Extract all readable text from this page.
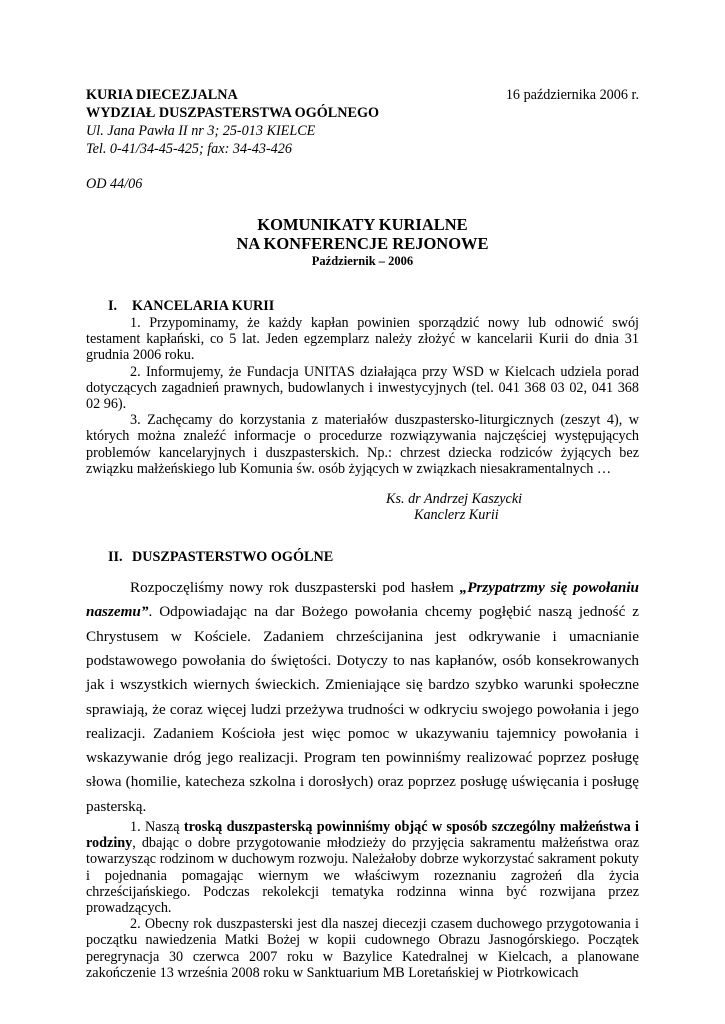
KURIA DIECEZJALNA
WYDZIAŁ DUSZPASTERSTWA OGÓLNEGO
Ul. Jana Pawła II nr 3; 25-013 KIELCE
Tel. 0-41/34-45-425; fax: 34-43-426
16 października 2006 r.
OD 44/06
KOMUNIKATY KURIALNE
NA KONFERENCJE REJONOWE
Październik – 2006
I. KANCELARIA KURII

1. Przypominamy, że każdy kapłan powinien sporządzić nowy lub odnowić swój testament kapłański, co 5 lat. Jeden egzemplarz należy złożyć w kancelarii Kurii do dnia 31 grudnia 2006 roku.

2. Informujemy, że Fundacja UNITAS działająca przy WSD w Kielcach udziela porad dotyczących zagadnień prawnych, budowlanych i inwestycyjnych (tel. 041 368 03 02, 041 368 02 96).

3. Zachęcamy do korzystania z materiałów duszpastersko-liturgicznych (zeszyt 4), w których można znaleźć informacje o procedurze rozwiązywania najczęściej występujących problemów kancelaryjnych i duszpasterskich. Np.: chrzest dziecka rodziców żyjących bez związku małżeńskiego lub Komunia św. osób żyjących w związkach niesakramentalnych …

Ks. dr Andrzej Kaszycki
Kanclerz Kurii
II. DUSZPASTERSTWO OGÓLNE

Rozpoczęliśmy nowy rok duszpasterski pod hasłem „Przypatrzmy się powołaniu naszemu”. Odpowiadając na dar Bożego powołania chcemy pogłębić naszą jedność z Chrystusem w Kościele. Zadaniem chrześcijanina jest odkrywanie i umacnianie podstawowego powołania do świętości. Dotyczy to nas kapłanów, osób konsekrowanych jak i wszystkich wiernych świeckich. Zmieniające się bardzo szybko warunki społeczne sprawiają, że coraz więcej ludzi przeżywa trudności w odkryciu swojego powołania i jego realizacji. Zadaniem Kościoła jest więc pomoc w ukazywaniu tajemnicy powołania i wskazywanie dróg jego realizacji. Program ten powinniśmy realizować poprzez posługę słowa (homilie, katecheza szkolna i dorosłych) oraz poprzez posługę uświęcania i posługę pasterską.

1. Naszą troską duszpasterską powinniśmy objąć w sposób szczególny małżeństwa i rodziny, dbając o dobre przygotowanie młodzieży do przyjęcia sakramentu małżeństwa oraz towarzysząc rodzinom w duchowym rozwoju. Należałoby dobrze wykorzystać sakrament pokuty i pojednania pomagając wiernym we właściwym rozeznaniu zagrożeń dla życia chrześcijańskiego. Podczas rekolekcji tematyka rodzinna winna być rozwijana przez prowadzących.

2. Obecny rok duszpasterski jest dla naszej diecezji czasem duchowego przygotowania i początku nawiedzenia Matki Bożej w kopii cudownego Obrazu Jasnogórskiego. Początek peregrynacja 30 czerwca 2007 roku w Bazylice Katedralnej w Kielcach, a planowane zakończenie 13 września 2008 roku w Sanktuarium MB Loretańskiej w Piotrkowicach
